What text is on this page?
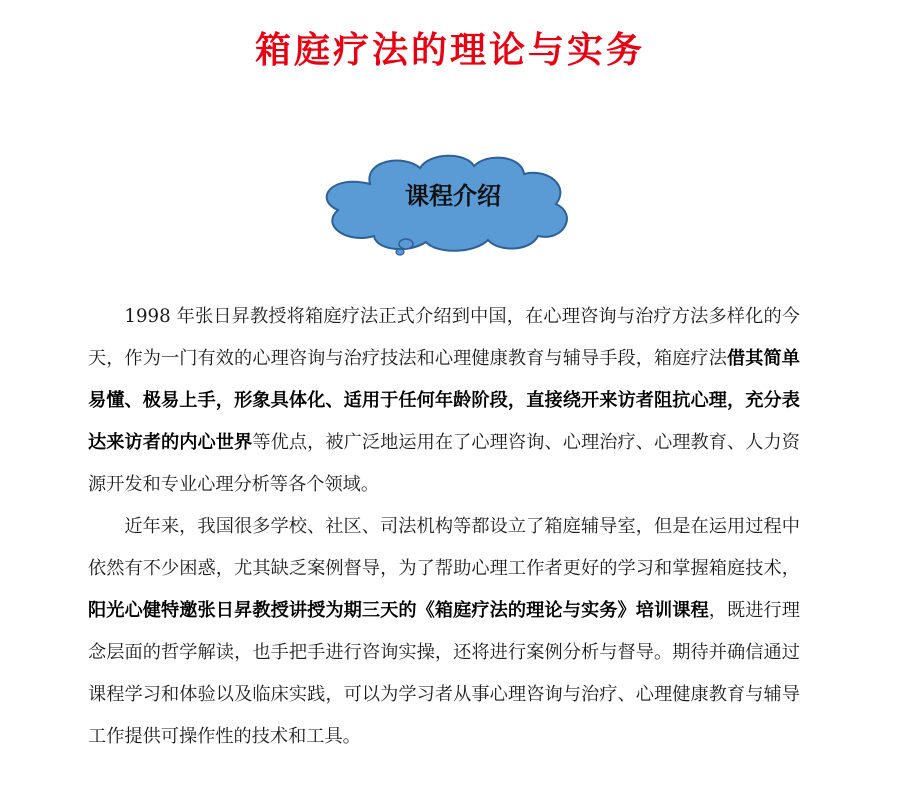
箱庭疗法的理论与实务
课程介绍

1998 年张日昇教授将箱庭疗法正式介绍到中国，在心理咨询与治疗方法多样化的今天，作为一门有效的心理咨询与治疗技法和心理健康教育与辅导手段，箱庭疗法借其简单易懂、极易上手，形象具体化、适用于任何年龄阶段，直接绕开来访者阻抗心理，充分表达来访者的内心世界等优点，被广泛地运用在了心理咨询、心理治疗、心理教育、人力资源开发和专业心理分析等各个领域。

近年来，我国很多学校、社区、司法机构等都设立了箱庭辅导室，但是在运用过程中依然有不少困惑，尤其缺乏案例督导，为了帮助心理工作者更好的学习和掌握箱庭技术，阳光心健特邀张日昇教授讲授为期三天的《箱庭疗法的理论与实务》培训课程，既进行理念层面的哲学解读，也手把手进行咨询实操，还将进行案例分析与督导。期待并确信通过课程学习和体验以及临床实践，可以为学习者从事心理咨询与治疗、心理健康教育与辅导工作提供可操作性的技术和工具。
